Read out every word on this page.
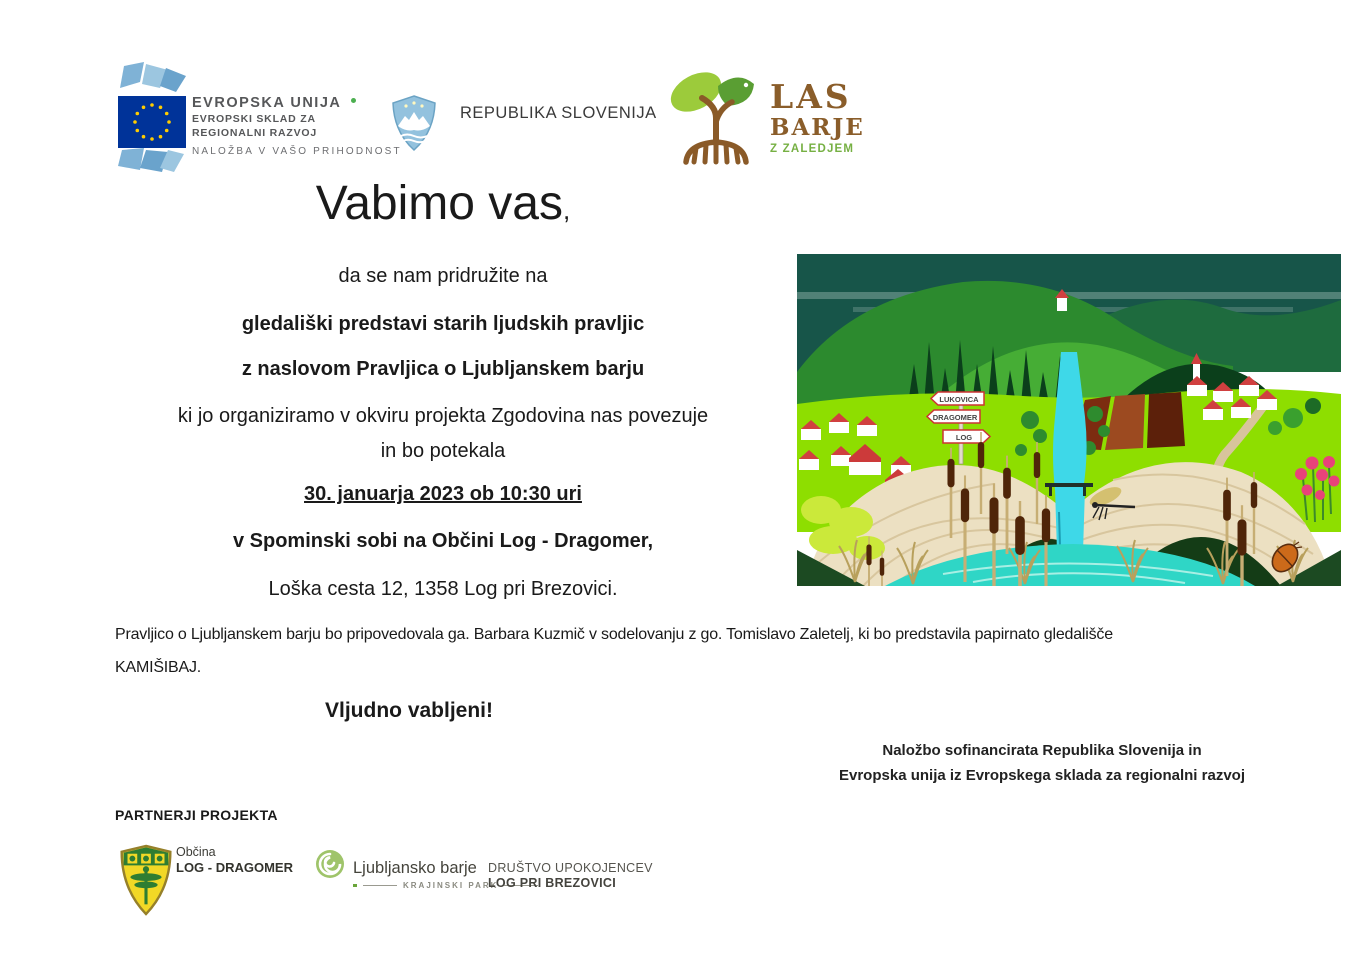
EVROPSKA UNIJA
EVROPSKI SKLAD ZA
REGIONALNI RAZVOJ
NALOŽBA V VAŠO PRIHODNOST
REPUBLIKA SLOVENIJA	LAS
BARJE
Z ZALEDJEM
Vabimo vas,
da se nam pridružite na
gledališki predstavi starih ljudskih pravljic
z naslovom Pravljica o Ljubljanskem barju
ki jo organiziramo v okviru projekta Zgodovina nas povezuje
in bo potekala
30. januarja 2023 ob 10:30 uri
v Spominski sobi na Občini Log - Dragomer,
Loška cesta 12, 1358 Log pri Brezovici.
Pravljico o Ljubljanskem barju bo pripovedovala ga. Barbara Kuzmič v sodelovanju z go. Tomislavo Zaletelj, ki bo predstavila papirnato gledališče
KAMIŠIBAJ.
Vljudno vabljeni!
Naložbo sofinancirata Republika Slovenija in
Evropska unija iz Evropskega sklada za regionalni razvoj
LUKOVICA
DRAGOMER
LOG
PARTNERJI PROJEKTA
Občina
LOG - DRAGOMER	Ljubljansko barje
KRAJINSKI PARK
DRUŠTVO UPOKOJENCEV
LOG PRI BREZOVICI
